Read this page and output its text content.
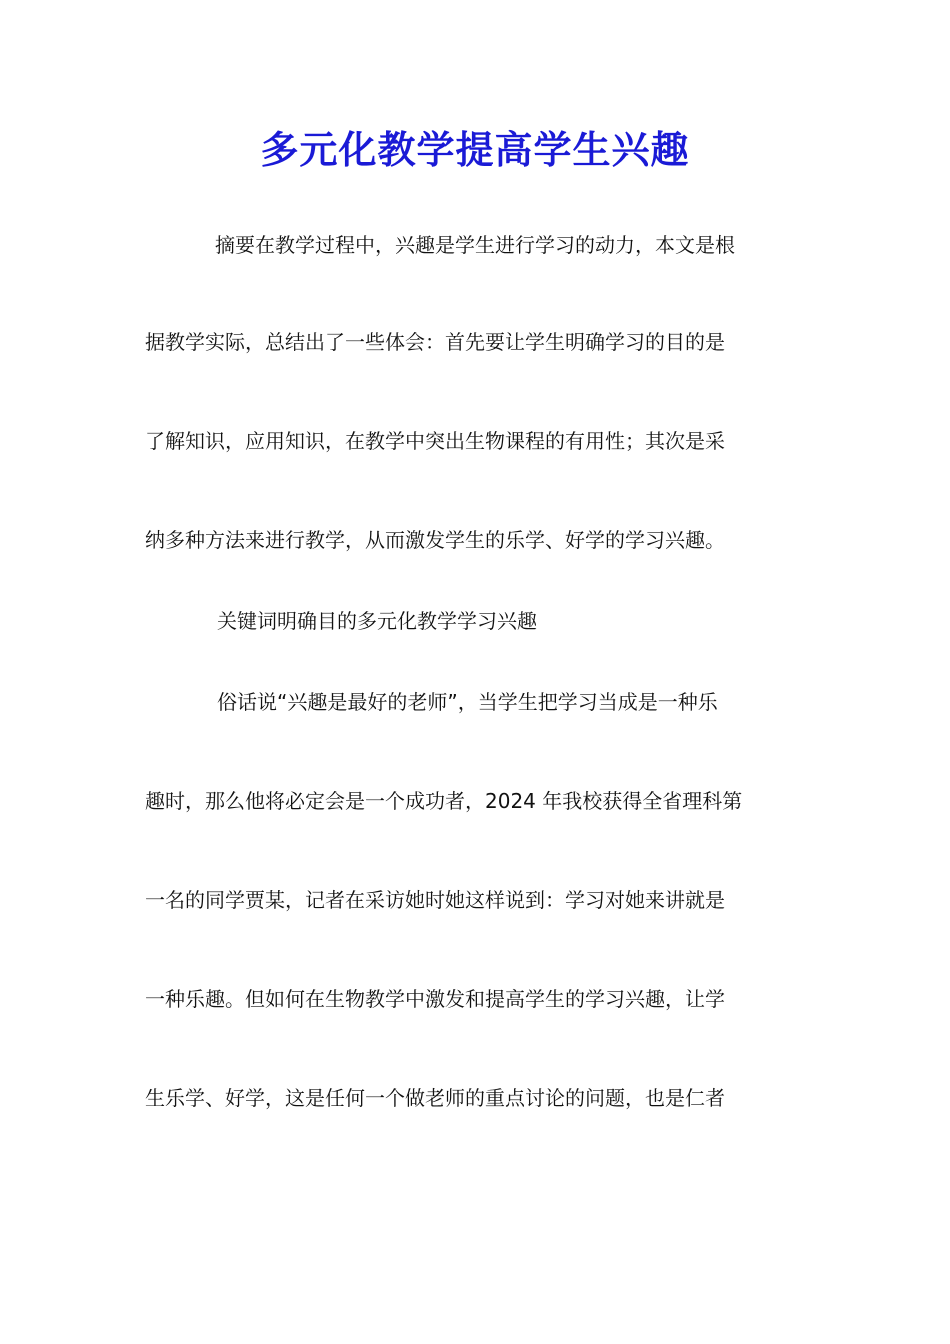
多元化教学提高学生兴趣

摘要在教学过程中，兴趣是学生进行学习的动力，本文是根

据教学实际，总结出了一些体会：首先要让学生明确学习的目的是

了解知识，应用知识，在教学中突出生物课程的有用性；其次是采

纳多种方法来进行教学，从而激发学生的乐学、好学的学习兴趣。

关键词明确目的多元化教学学习兴趣

俗话说“兴趣是最好的老师”，当学生把学习当成是一种乐

趣时，那么他将必定会是一个成功者，2024 年我校获得全省理科第

一名的同学贾某，记者在采访她时她这样说到：学习对她来讲就是

一种乐趣。但如何在生物教学中激发和提高学生的学习兴趣，让学

生乐学、好学，这是任何一个做老师的重点讨论的问题，也是仁者
